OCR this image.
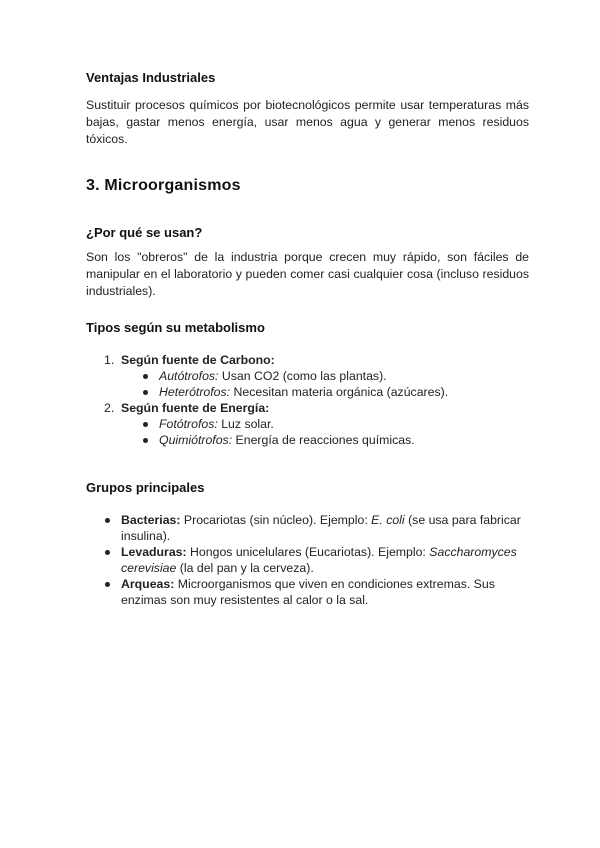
Ventajas Industriales

Sustituir procesos químicos por biotecnológicos permite usar temperaturas más bajas, gastar menos energía, usar menos agua y generar menos residuos tóxicos.

3. Microorganismos

¿Por qué se usan?

Son los "obreros" de la industria porque crecen muy rápido, son fáciles de manipular en el laboratorio y pueden comer casi cualquier cosa (incluso residuos industriales).

Tipos según su metabolismo

1. Según fuente de Carbono:
Autótrofos: Usan CO2 (como las plantas).
Heterótrofos: Necesitan materia orgánica (azúcares).
2. Según fuente de Energía:
Fotótrofos: Luz solar.
Quimiótrofos: Energía de reacciones químicas.

Grupos principales

Bacterias: Procariotas (sin núcleo). Ejemplo: E. coli (se usa para fabricar
insulina).
Levaduras: Hongos unicelulares (Eucariotas). Ejemplo: Saccharomyces
cerevisiae (la del pan y la cerveza).
Arqueas: Microorganismos que viven en condiciones extremas. Sus
enzimas son muy resistentes al calor o la sal.
